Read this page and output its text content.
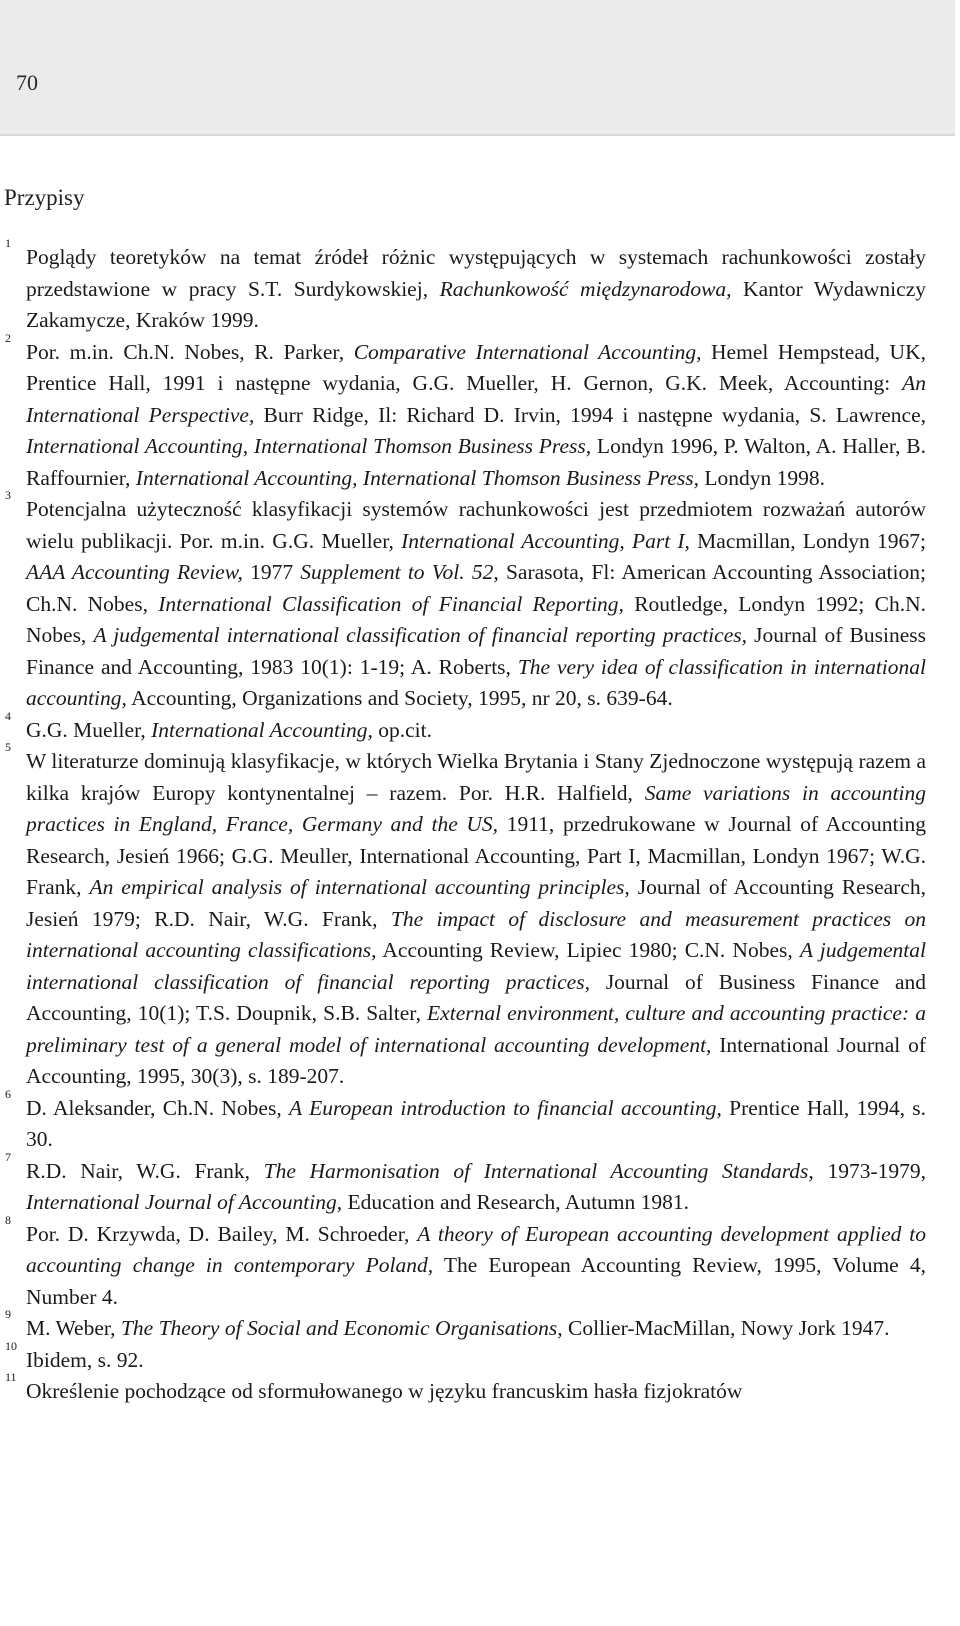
70
Przypisy
1
Poglądy teoretyków na temat źródeł różnic występujących w systemach rachunkowości zostały przedstawione w pracy S.T. Surdykowskiej, Rachunkowość międzynarodowa, Kantor Wydawniczy Zakamycze, Kraków 1999.
2
Por. m.in. Ch.N. Nobes, R. Parker, Comparative International Accounting, Hemel Hempstead, UK, Prentice Hall, 1991 i następne wydania, G.G. Mueller, H. Gernon, G.K. Meek, Accounting: An International Perspective, Burr Ridge, Il: Richard D. Irvin, 1994 i następne wydania, S. Lawrence, International Accounting, International Thomson Business Press, Londyn 1996, P. Walton, A. Haller, B. Raffournier, International Accounting, International Thomson Business Press, Londyn 1998.
3
Potencjalna użyteczność klasyfikacji systemów rachunkowości jest przedmiotem rozważań autorów wielu publikacji. Por. m.in. G.G. Mueller, International Accounting, Part I, Macmillan, Londyn 1967; AAA Accounting Review, 1977 Supplement to Vol. 52, Sarasota, Fl: American Accounting Association; Ch.N. Nobes, International Classification of Financial Reporting, Routledge, Londyn 1992; Ch.N. Nobes, A judgemental international classification of financial reporting practices, Journal of Business Finance and Accounting, 1983 10(1): 1-19; A. Roberts, The very idea of classification in international accounting, Accounting, Organizations and Society, 1995, nr 20, s. 639-64.
4
G.G. Mueller, International Accounting, op.cit.
5
W literaturze dominują klasyfikacje, w których Wielka Brytania i Stany Zjednoczone występują razem a kilka krajów Europy kontynentalnej – razem. Por. H.R. Halfield, Same variations in accounting practices in England, France, Germany and the US, 1911, przedrukowane w Journal of Accounting Research, Jesień 1966; G.G. Meuller, International Accounting, Part I, Macmillan, Londyn 1967; W.G. Frank, An empirical analysis of international accounting principles, Journal of Accounting Research, Jesień 1979; R.D. Nair, W.G. Frank, The impact of disclosure and measurement practices on international accounting classifications, Accounting Review, Lipiec 1980; C.N. Nobes, A judgemental international classification of financial reporting practices, Journal of Business Finance and Accounting, 10(1); T.S. Doupnik, S.B. Salter, External environment, culture and accounting practice: a preliminary test of a general model of international accounting development, International Journal of Accounting, 1995, 30(3), s. 189-207.
6
D. Aleksander, Ch.N. Nobes, A European introduction to financial accounting, Prentice Hall, 1994, s. 30.
7
R.D. Nair, W.G. Frank, The Harmonisation of International Accounting Standards, 1973-1979, International Journal of Accounting, Education and Research, Autumn 1981.
8
Por. D. Krzywda, D. Bailey, M. Schroeder, A theory of European accounting development applied to accounting change in contemporary Poland, The European Accounting Review, 1995, Volume 4, Number 4.
9
M. Weber, The Theory of Social and Economic Organisations, Collier-MacMillan, Nowy Jork 1947.
10
Ibidem, s. 92.
11
Określenie pochodzące od sformułowanego w języku francuskim hasła fizjokratów
